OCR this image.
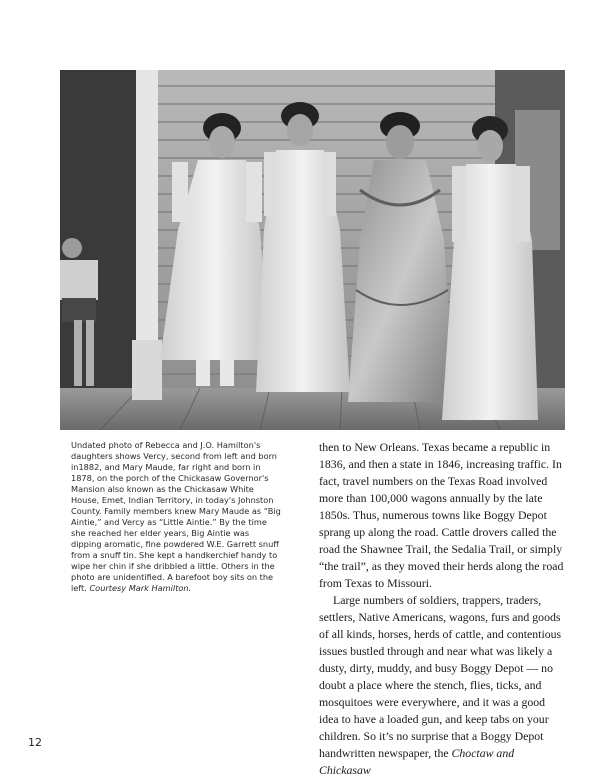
Undated photo of Rebecca and J.O. Hamilton's daughters shows Vercy, second from left and born in1882, and Mary Maude, far right and born in 1878, on the porch of the Chickasaw Governor's Mansion also known as the Chickasaw White House, Emet, Indian Territory, in today's Johnston County. Family members knew Mary Maude as “Big Aintie,” and Vercy as “Little Aintie.” By the time she reached her elder years, Big Aintie was dipping aromatic, fine powdered W.E. Garrett snuff from a snuff tin. She kept a handkerchief handy to wipe her chin if she dribbled a little. Others in the photo are unidentified. A barefoot boy sits on the left. Courtesy Mark Hamilton.

then to New Orleans. Texas became a republic in 1836, and then a state in 1846, increasing traffic. In fact, travel numbers on the Texas Road involved more than 100,000 wagons annually by the late 1850s. Thus, numerous towns like Boggy Depot sprang up along the road. Cattle drovers called the road the Shawnee Trail, the Sedalia Trail, or simply “the trail”, as they moved their herds along the road from Texas to Missouri.

Large numbers of soldiers, trappers, traders, settlers, Native Americans, wagons, furs and goods of all kinds, horses, herds of cattle, and contentious issues bustled through and near what was likely a dusty, dirty, muddy, and busy Boggy Depot — no doubt a place where the stench, flies, ticks, and mosquitoes were everywhere, and it was a good idea to have a loaded gun, and keep tabs on your children. So it’s no surprise that a Boggy Depot handwritten newspaper, the Choctaw and Chickasaw

12
